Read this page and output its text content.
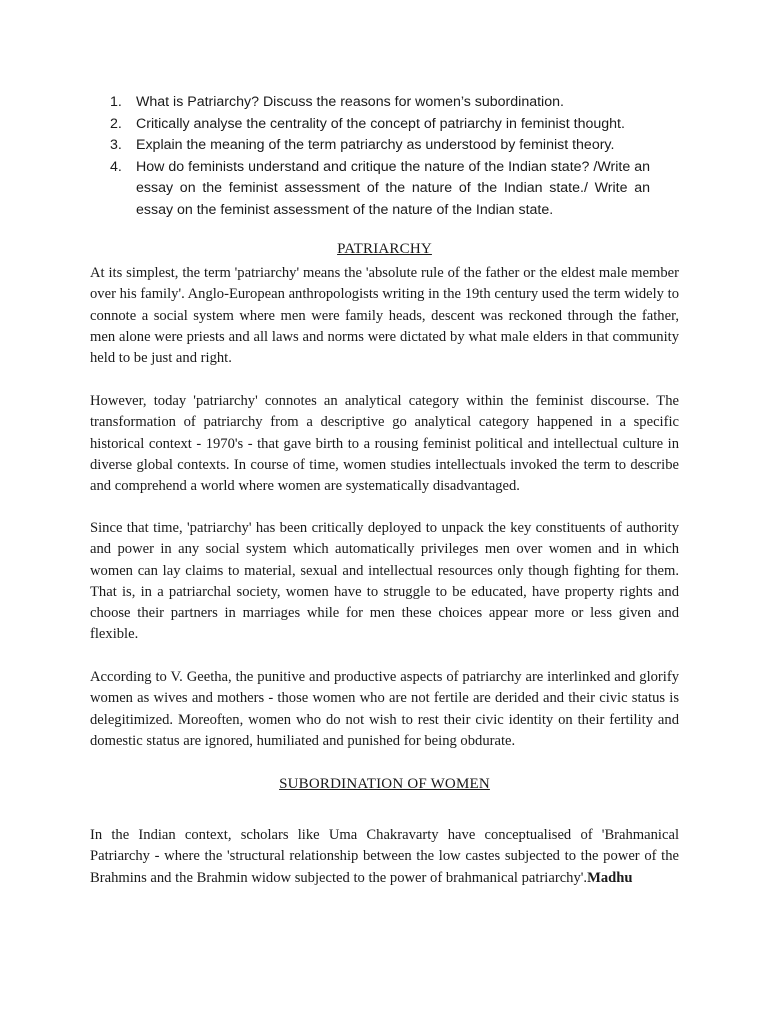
1. What is Patriarchy? Discuss the reasons for women’s subordination.
2. Critically analyse the centrality of the concept of patriarchy in feminist thought.
3. Explain the meaning of the term patriarchy as understood by feminist theory.
4. How do feminists understand and critique the nature of the Indian state? /Write an essay on the feminist assessment of the nature of the Indian state./ Write an essay on the feminist assessment of the nature of the Indian state.
PATRIARCHY

At its simplest, the term 'patriarchy' means the 'absolute rule of the father or the eldest male member over his family'. Anglo-European anthropologists writing in the 19th century used the term widely to connote a social system where men were family heads, descent was reckoned through the father, men alone were priests and all laws and norms were dictated by what male elders in that community held to be just and right.

However, today 'patriarchy' connotes an analytical category within the feminist discourse. The transformation of patriarchy from a descriptive go analytical category happened in a specific historical context - 1970's - that gave birth to a rousing feminist political and intellectual culture in diverse global contexts. In course of time, women studies intellectuals invoked the term to describe and comprehend a world where women are systematically disadvantaged.

Since that time, 'patriarchy' has been critically deployed to unpack the key constituents of authority and power in any social system which automatically privileges men over women and in which women can lay claims to material, sexual and intellectual resources only though fighting for them. That is, in a patriarchal society, women have to struggle to be educated, have property rights and choose their partners in marriages while for men these choices appear more or less given and flexible.

According to V. Geetha, the punitive and productive aspects of patriarchy are interlinked and glorify women as wives and mothers - those women who are not fertile are derided and their civic status is delegitimized. Moreoften, women who do not wish to rest their civic identity on their fertility and domestic status are ignored, humiliated and punished for being obdurate.

SUBORDINATION OF WOMEN

In the Indian context, scholars like Uma Chakravarty have conceptualised of 'Brahmanical Patriarchy - where the 'structural relationship between the low castes subjected to the power of the Brahmins and the Brahmin widow subjected to the power of brahmanical patriarchy'.Madhu
